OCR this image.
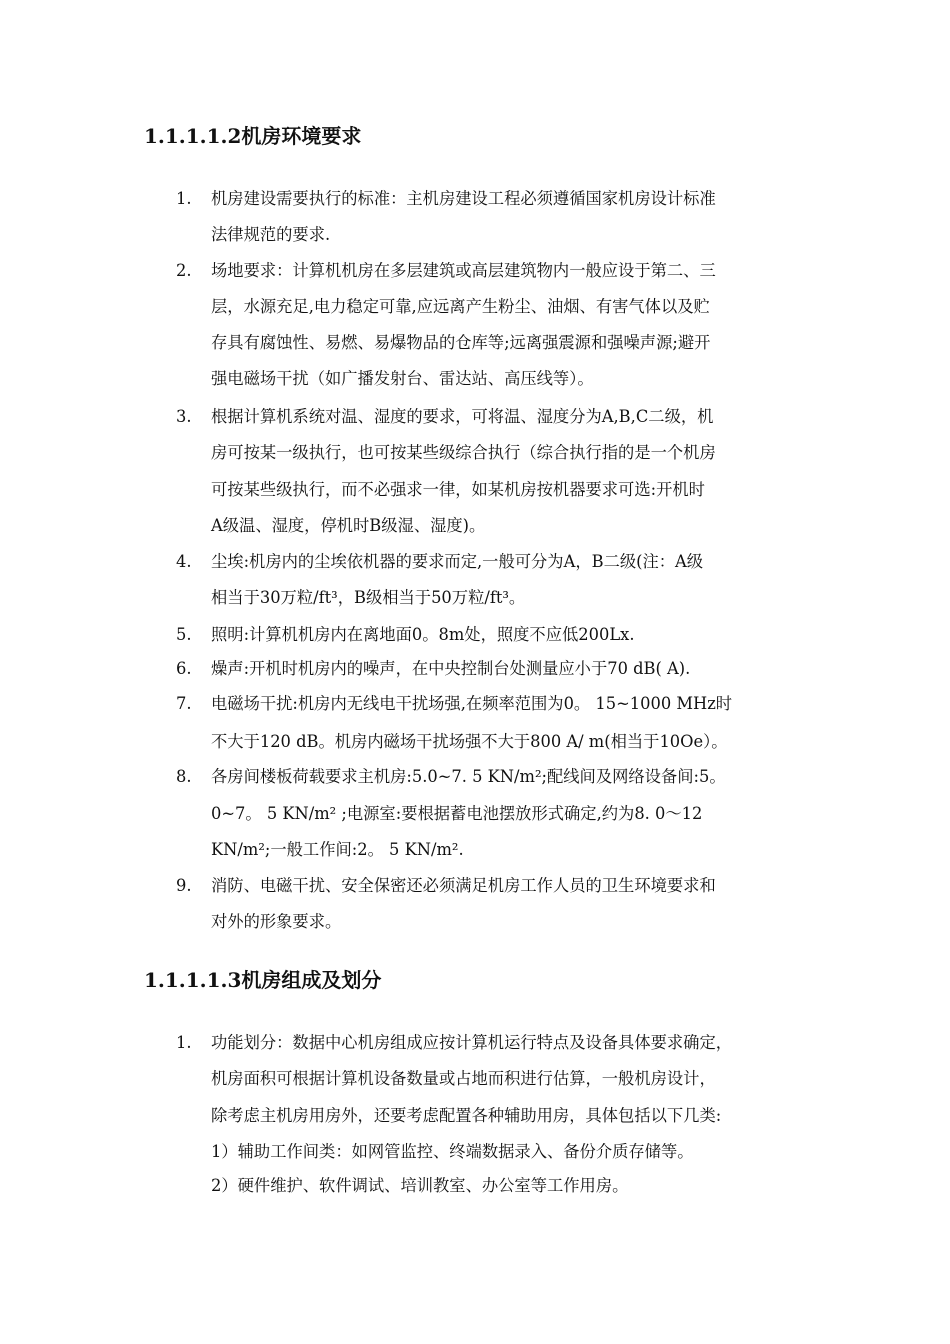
1.1.1.1.2机房环境要求
1. 机房建设需要执行的标准：主机房建设工程必须遵循国家机房设计标准
法律规范的要求.
2. 场地要求：计算机机房在多层建筑或高层建筑物内一般应设于第二、三
层，水源充足,电力稳定可靠,应远离产生粉尘、油烟、有害气体以及贮
存具有腐蚀性、易燃、易爆物品的仓库等;远离强震源和强噪声源;避开
强电磁场干扰（如广播发射台、雷达站、高压线等）。
3. 根据计算机系统对温、湿度的要求，可将温、湿度分为A,B,C二级，机
房可按某一级执行，也可按某些级综合执行（综合执行指的是一个机房
可按某些级执行，而不必强求一律，如某机房按机器要求可选:开机时
A级温、湿度，停机时B级湿、湿度)。
4. 尘埃:机房内的尘埃依机器的要求而定,一般可分为A，B二级(注：A级
相当于30万粒/ft³，B级相当于50万粒/ft³。
5. 照明:计算机机房内在离地面0。8m处，照度不应低200Lx.
6. 燥声:开机时机房内的噪声，在中央控制台处测量应小于70 dB( A).
7. 电磁场干扰:机房内无线电干扰场强,在频率范围为0。 15~1000 MHz时
不大于120 dB。机房内磁场干扰场强不大于800 A/ m(相当于10Oe）。
8. 各房间楼板荷载要求主机房:5.0~7. 5 KN/m²;配线间及网络设备间:5。
0~7。 5 KN/m² ;电源室:要根据蓄电池摆放形式确定,约为8. 0～12
KN/m²;一般工作间:2。 5 KN/m².
9. 消防、电磁干扰、安全保密还必须满足机房工作人员的卫生环境要求和
对外的形象要求。
1.1.1.1.3机房组成及划分
1. 功能划分：数据中心机房组成应按计算机运行特点及设备具体要求确定，
机房面积可根据计算机设备数量或占地而积进行估算，一般机房设计，
除考虑主机房用房外，还要考虑配置各种辅助用房，具体包括以下几类:
1）辅助工作间类：如网管监控、终端数据录入、备份介质存储等。
2）硬件维护、软件调试、培训教室、办公室等工作用房。
